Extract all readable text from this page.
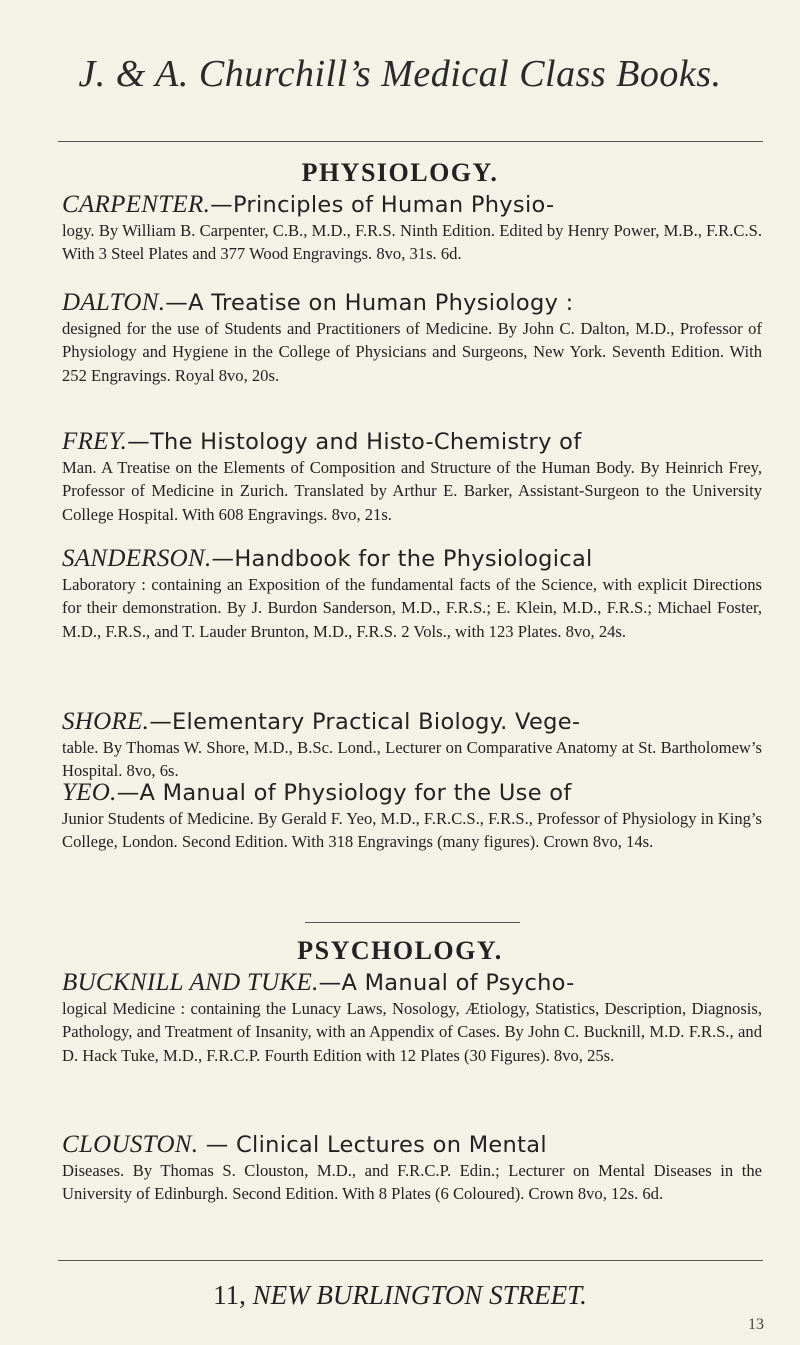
J. & A. Churchill’s Medical Class Books.
PHYSIOLOGY.
CARPENTER.—Principles of Human Physio-
logy. By William B. Carpenter, C.B., M.D., F.R.S. Ninth Edition. Edited by Henry Power, M.B., F.R.C.S. With 3 Steel Plates and 377 Wood Engravings. 8vo, 31s. 6d.
DALTON.—A Treatise on Human Physiology :
designed for the use of Students and Practitioners of Medicine. By John C. Dalton, M.D., Professor of Physiology and Hygiene in the College of Physicians and Surgeons, New York. Seventh Edition. With 252 Engravings. Royal 8vo, 20s.
FREY.—The Histology and Histo-Chemistry of
Man. A Treatise on the Elements of Composition and Structure of the Human Body. By Heinrich Frey, Professor of Medicine in Zurich. Translated by Arthur E. Barker, Assistant-Surgeon to the University College Hospital. With 608 Engravings. 8vo, 21s.
SANDERSON.—Handbook for the Physiological
Laboratory : containing an Exposition of the fundamental facts of the Science, with explicit Directions for their demonstration. By J. Burdon Sanderson, M.D., F.R.S.; E. Klein, M.D., F.R.S.; Michael Foster, M.D., F.R.S., and T. Lauder Brunton, M.D., F.R.S. 2 Vols., with 123 Plates. 8vo, 24s.
SHORE.—Elementary Practical Biology. Vege-
table. By Thomas W. Shore, M.D., B.Sc. Lond., Lecturer on Comparative Anatomy at St. Bartholomew’s Hospital. 8vo, 6s.
YEO.—A Manual of Physiology for the Use of
Junior Students of Medicine. By Gerald F. Yeo, M.D., F.R.C.S., F.R.S., Professor of Physiology in King’s College, London. Second Edition. With 318 Engravings (many figures). Crown 8vo, 14s.
PSYCHOLOGY.
BUCKNILL AND TUKE.—A Manual of Psycho-
logical Medicine : containing the Lunacy Laws, Nosology, Ætiology, Statistics, Description, Diagnosis, Pathology, and Treatment of Insanity, with an Appendix of Cases. By John C. Bucknill, M.D. F.R.S., and D. Hack Tuke, M.D., F.R.C.P. Fourth Edition with 12 Plates (30 Figures). 8vo, 25s.
CLOUSTON. — Clinical Lectures on Mental
Diseases. By Thomas S. Clouston, M.D., and F.R.C.P. Edin.; Lecturer on Mental Diseases in the University of Edinburgh. Second Edition. With 8 Plates (6 Coloured). Crown 8vo, 12s. 6d.
11, NEW BURLINGTON STREET.
13
